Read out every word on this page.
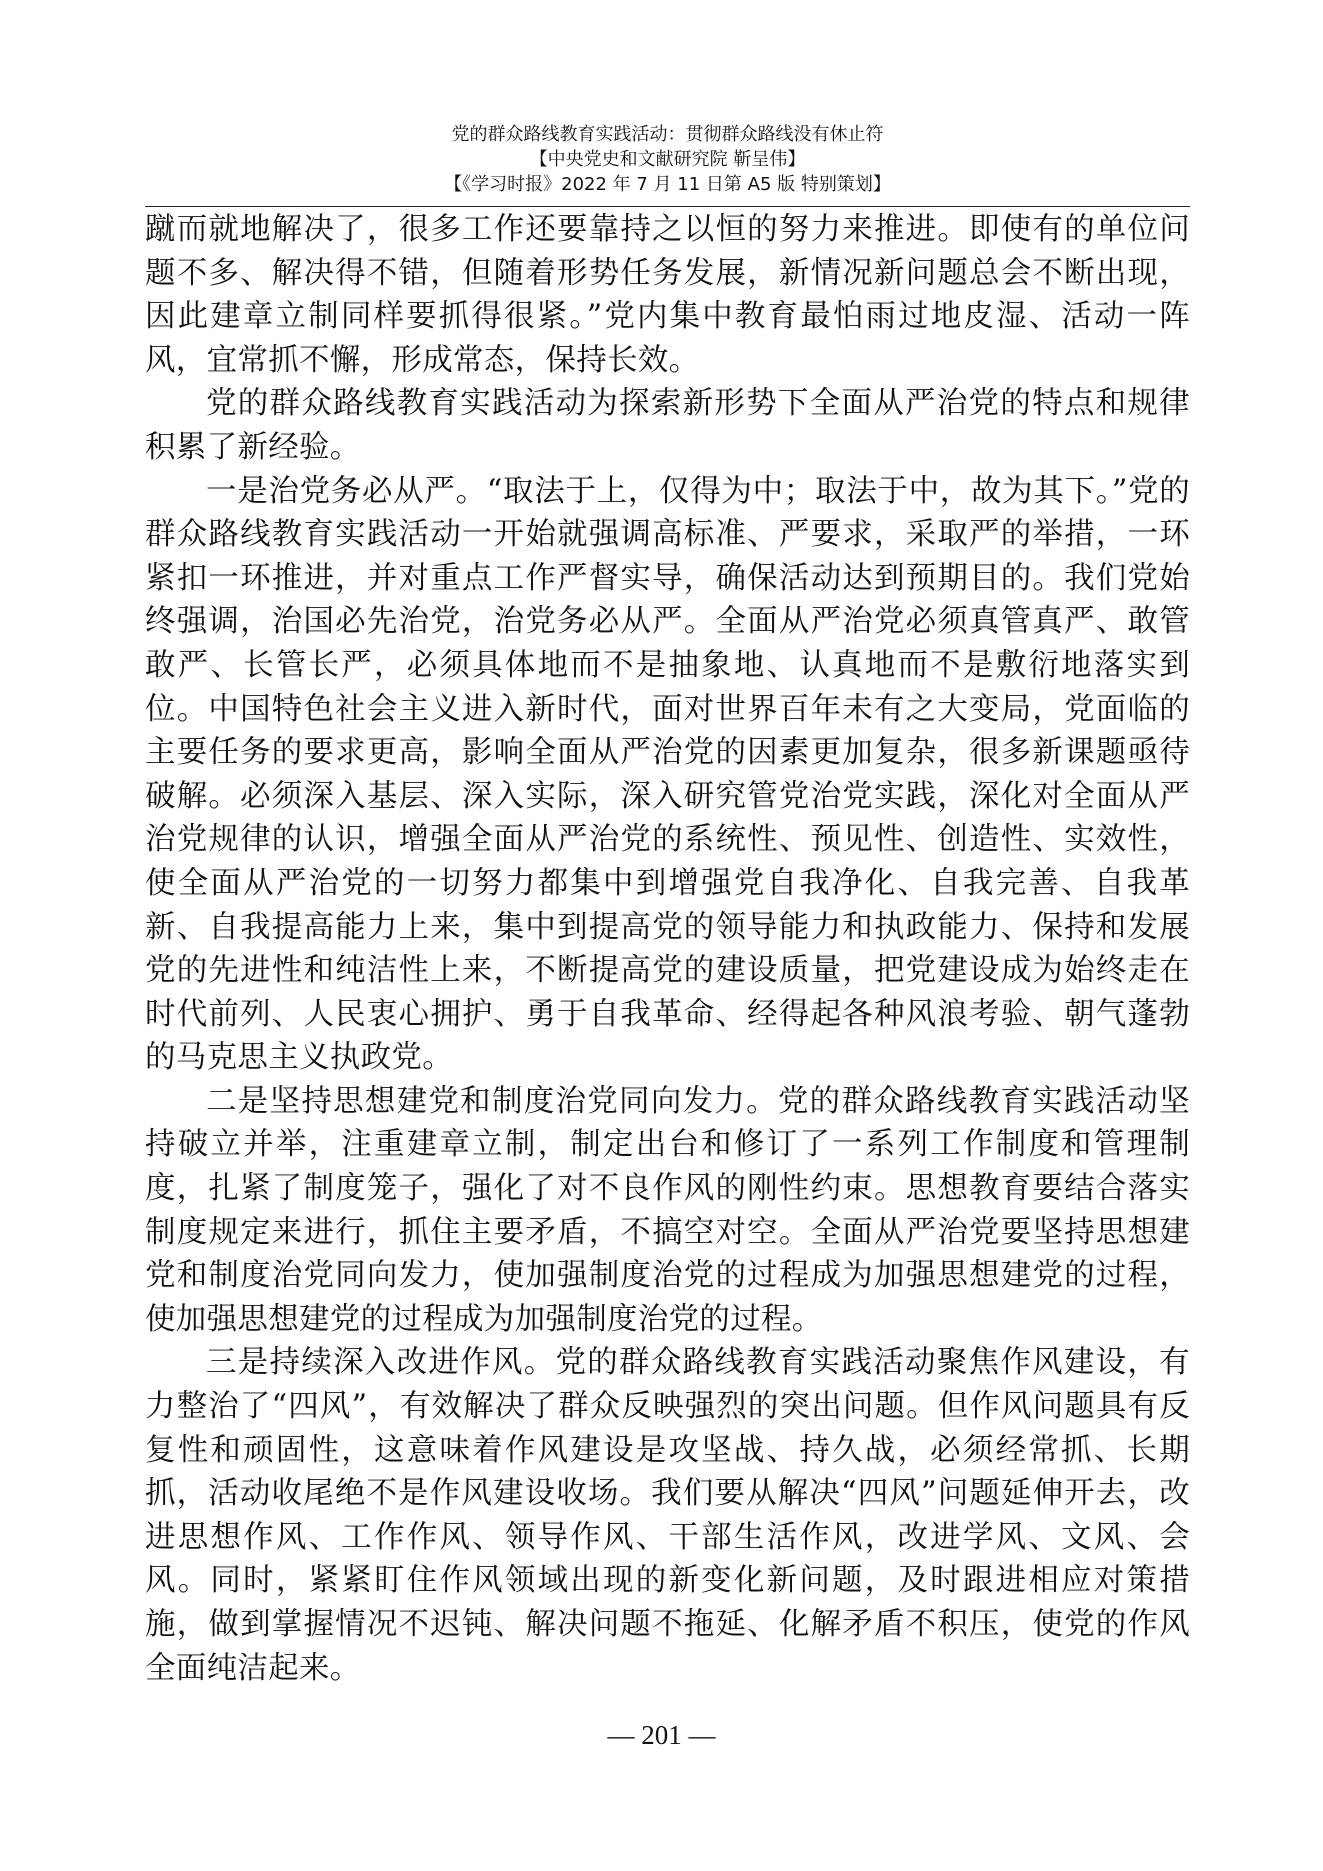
党的群众路线教育实践活动：贯彻群众路线没有休止符
【中央党史和文献研究院 靳呈伟】
【《学习时报》2022 年 7 月 11 日第 A5 版 特别策划】

蹴而就地解决了，很多工作还要靠持之以恒的努力来推进。即使有的单位问题不多、解决得不错，但随着形势任务发展，新情况新问题总会不断出现，因此建章立制同样要抓得很紧。”党内集中教育最怕雨过地皮湿、活动一阵风，宜常抓不懈，形成常态，保持长效。

党的群众路线教育实践活动为探索新形势下全面从严治党的特点和规律积累了新经验。

一是治党务必从严。“取法于上，仅得为中；取法于中，故为其下。”党的群众路线教育实践活动一开始就强调高标准、严要求，采取严的举措，一环紧扣一环推进，并对重点工作严督实导，确保活动达到预期目的。我们党始终强调，治国必先治党，治党务必从严。全面从严治党必须真管真严、敢管敢严、长管长严，必须具体地而不是抽象地、认真地而不是敷衍地落实到位。中国特色社会主义进入新时代，面对世界百年未有之大变局，党面临的主要任务的要求更高，影响全面从严治党的因素更加复杂，很多新课题亟待破解。必须深入基层、深入实际，深入研究管党治党实践，深化对全面从严治党规律的认识，增强全面从严治党的系统性、预见性、创造性、实效性，使全面从严治党的一切努力都集中到增强党自我净化、自我完善、自我革新、自我提高能力上来，集中到提高党的领导能力和执政能力、保持和发展党的先进性和纯洁性上来，不断提高党的建设质量，把党建设成为始终走在时代前列、人民衷心拥护、勇于自我革命、经得起各种风浪考验、朝气蓬勃的马克思主义执政党。

二是坚持思想建党和制度治党同向发力。党的群众路线教育实践活动坚持破立并举，注重建章立制，制定出台和修订了一系列工作制度和管理制度，扎紧了制度笼子，强化了对不良作风的刚性约束。思想教育要结合落实制度规定来进行，抓住主要矛盾，不搞空对空。全面从严治党要坚持思想建党和制度治党同向发力，使加强制度治党的过程成为加强思想建党的过程，使加强思想建党的过程成为加强制度治党的过程。

三是持续深入改进作风。党的群众路线教育实践活动聚焦作风建设，有力整治了“四风”，有效解决了群众反映强烈的突出问题。但作风问题具有反复性和顽固性，这意味着作风建设是攻坚战、持久战，必须经常抓、长期抓，活动收尾绝不是作风建设收场。我们要从解决“四风”问题延伸开去，改进思想作风、工作作风、领导作风、干部生活作风，改进学风、文风、会风。同时，紧紧盯住作风领域出现的新变化新问题，及时跟进相应对策措施，做到掌握情况不迟钝、解决问题不拖延、化解矛盾不积压，使党的作风全面纯洁起来。

— 201 —
